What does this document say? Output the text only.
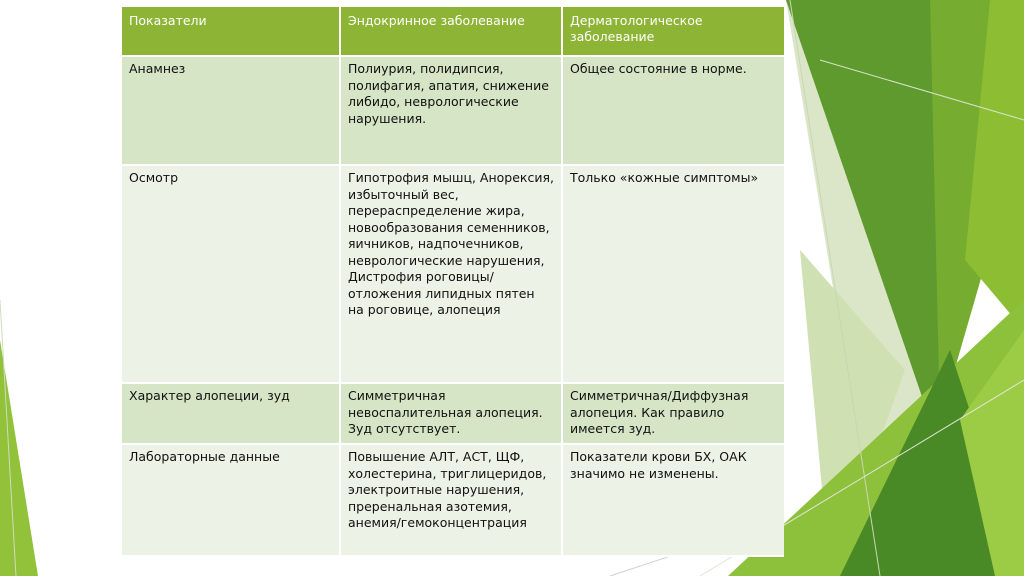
Показатели	Эндокринное заболевание	Дерматологическое заболевание
Анамнез	Полиурия, полидипсия, полифагия, апатия, снижение либидо, неврологические нарушения.	Общее состояние в норме.
Осмотр	Гипотрофия мышц, Анорексия, избыточный вес, перераспределение жира, новообразования семенников, яичников, надпочечников, неврологические нарушения, Дистрофия роговицы/отложения липидных пятен на роговице, алопеция	Только «кожные симптомы»
Характер алопеции, зуд	Симметричная невоспалительная алопеция. Зуд отсутствует.	Симметричная/Диффузная алопеция. Как правило имеется зуд.
Лабораторные данные	Повышение АЛТ, АСТ, ЩФ, холестерина, триглицеридов, электроитные нарушения, преренальная азотемия, анемия/гемоконцентрация	Показатели крови БХ, ОАК значимо не изменены.
